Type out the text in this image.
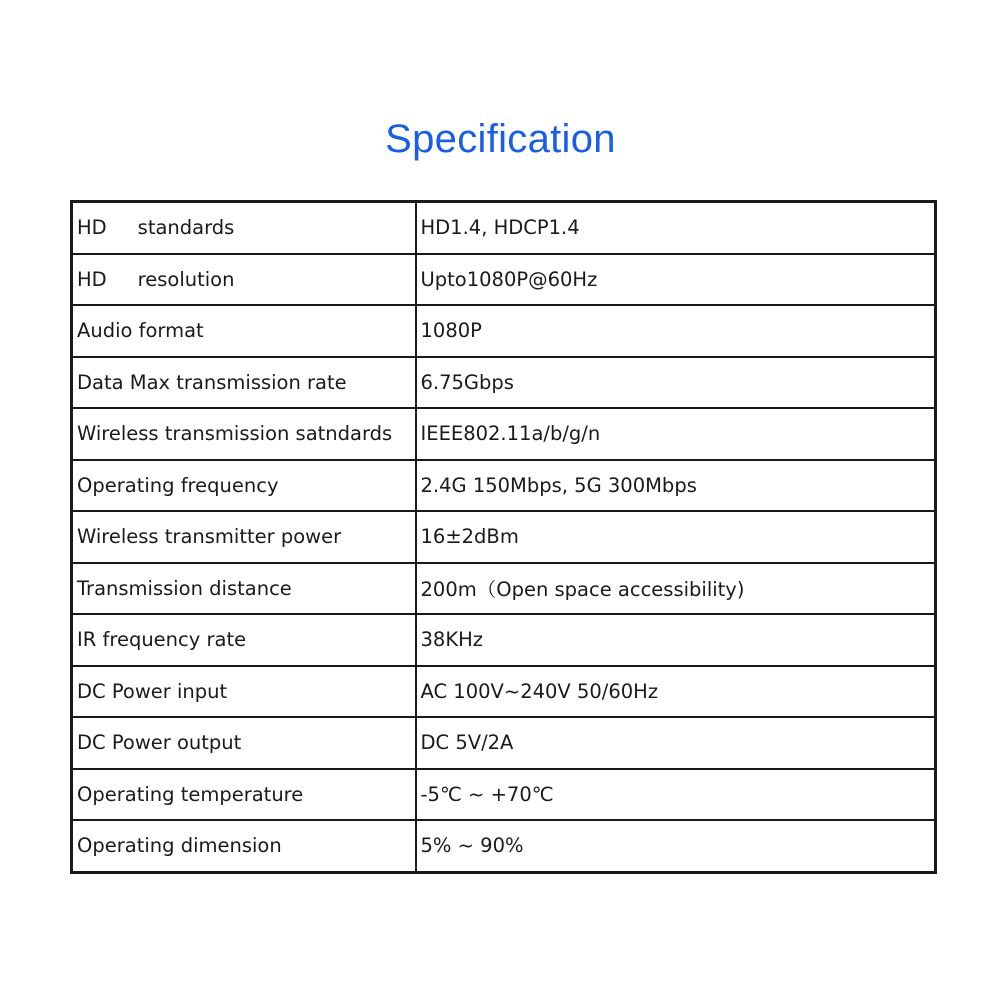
Specification
HD     standards	HD1.4, HDCP1.4
HD     resolution	Upto1080P@60Hz
Audio format	1080P
Data Max transmission rate	6.75Gbps
Wireless transmission satndards	IEEE802.11a/b/g/n
Operating frequency	2.4G 150Mbps, 5G 300Mbps
Wireless transmitter power	16±2dBm
Transmission distance	200m（Open space accessibility)
IR frequency rate	38KHz
DC Power input	AC 100V~240V 50/60Hz
DC Power output	DC 5V/2A
Operating temperature	-5℃ ~ +70℃
Operating dimension	5% ~ 90%
